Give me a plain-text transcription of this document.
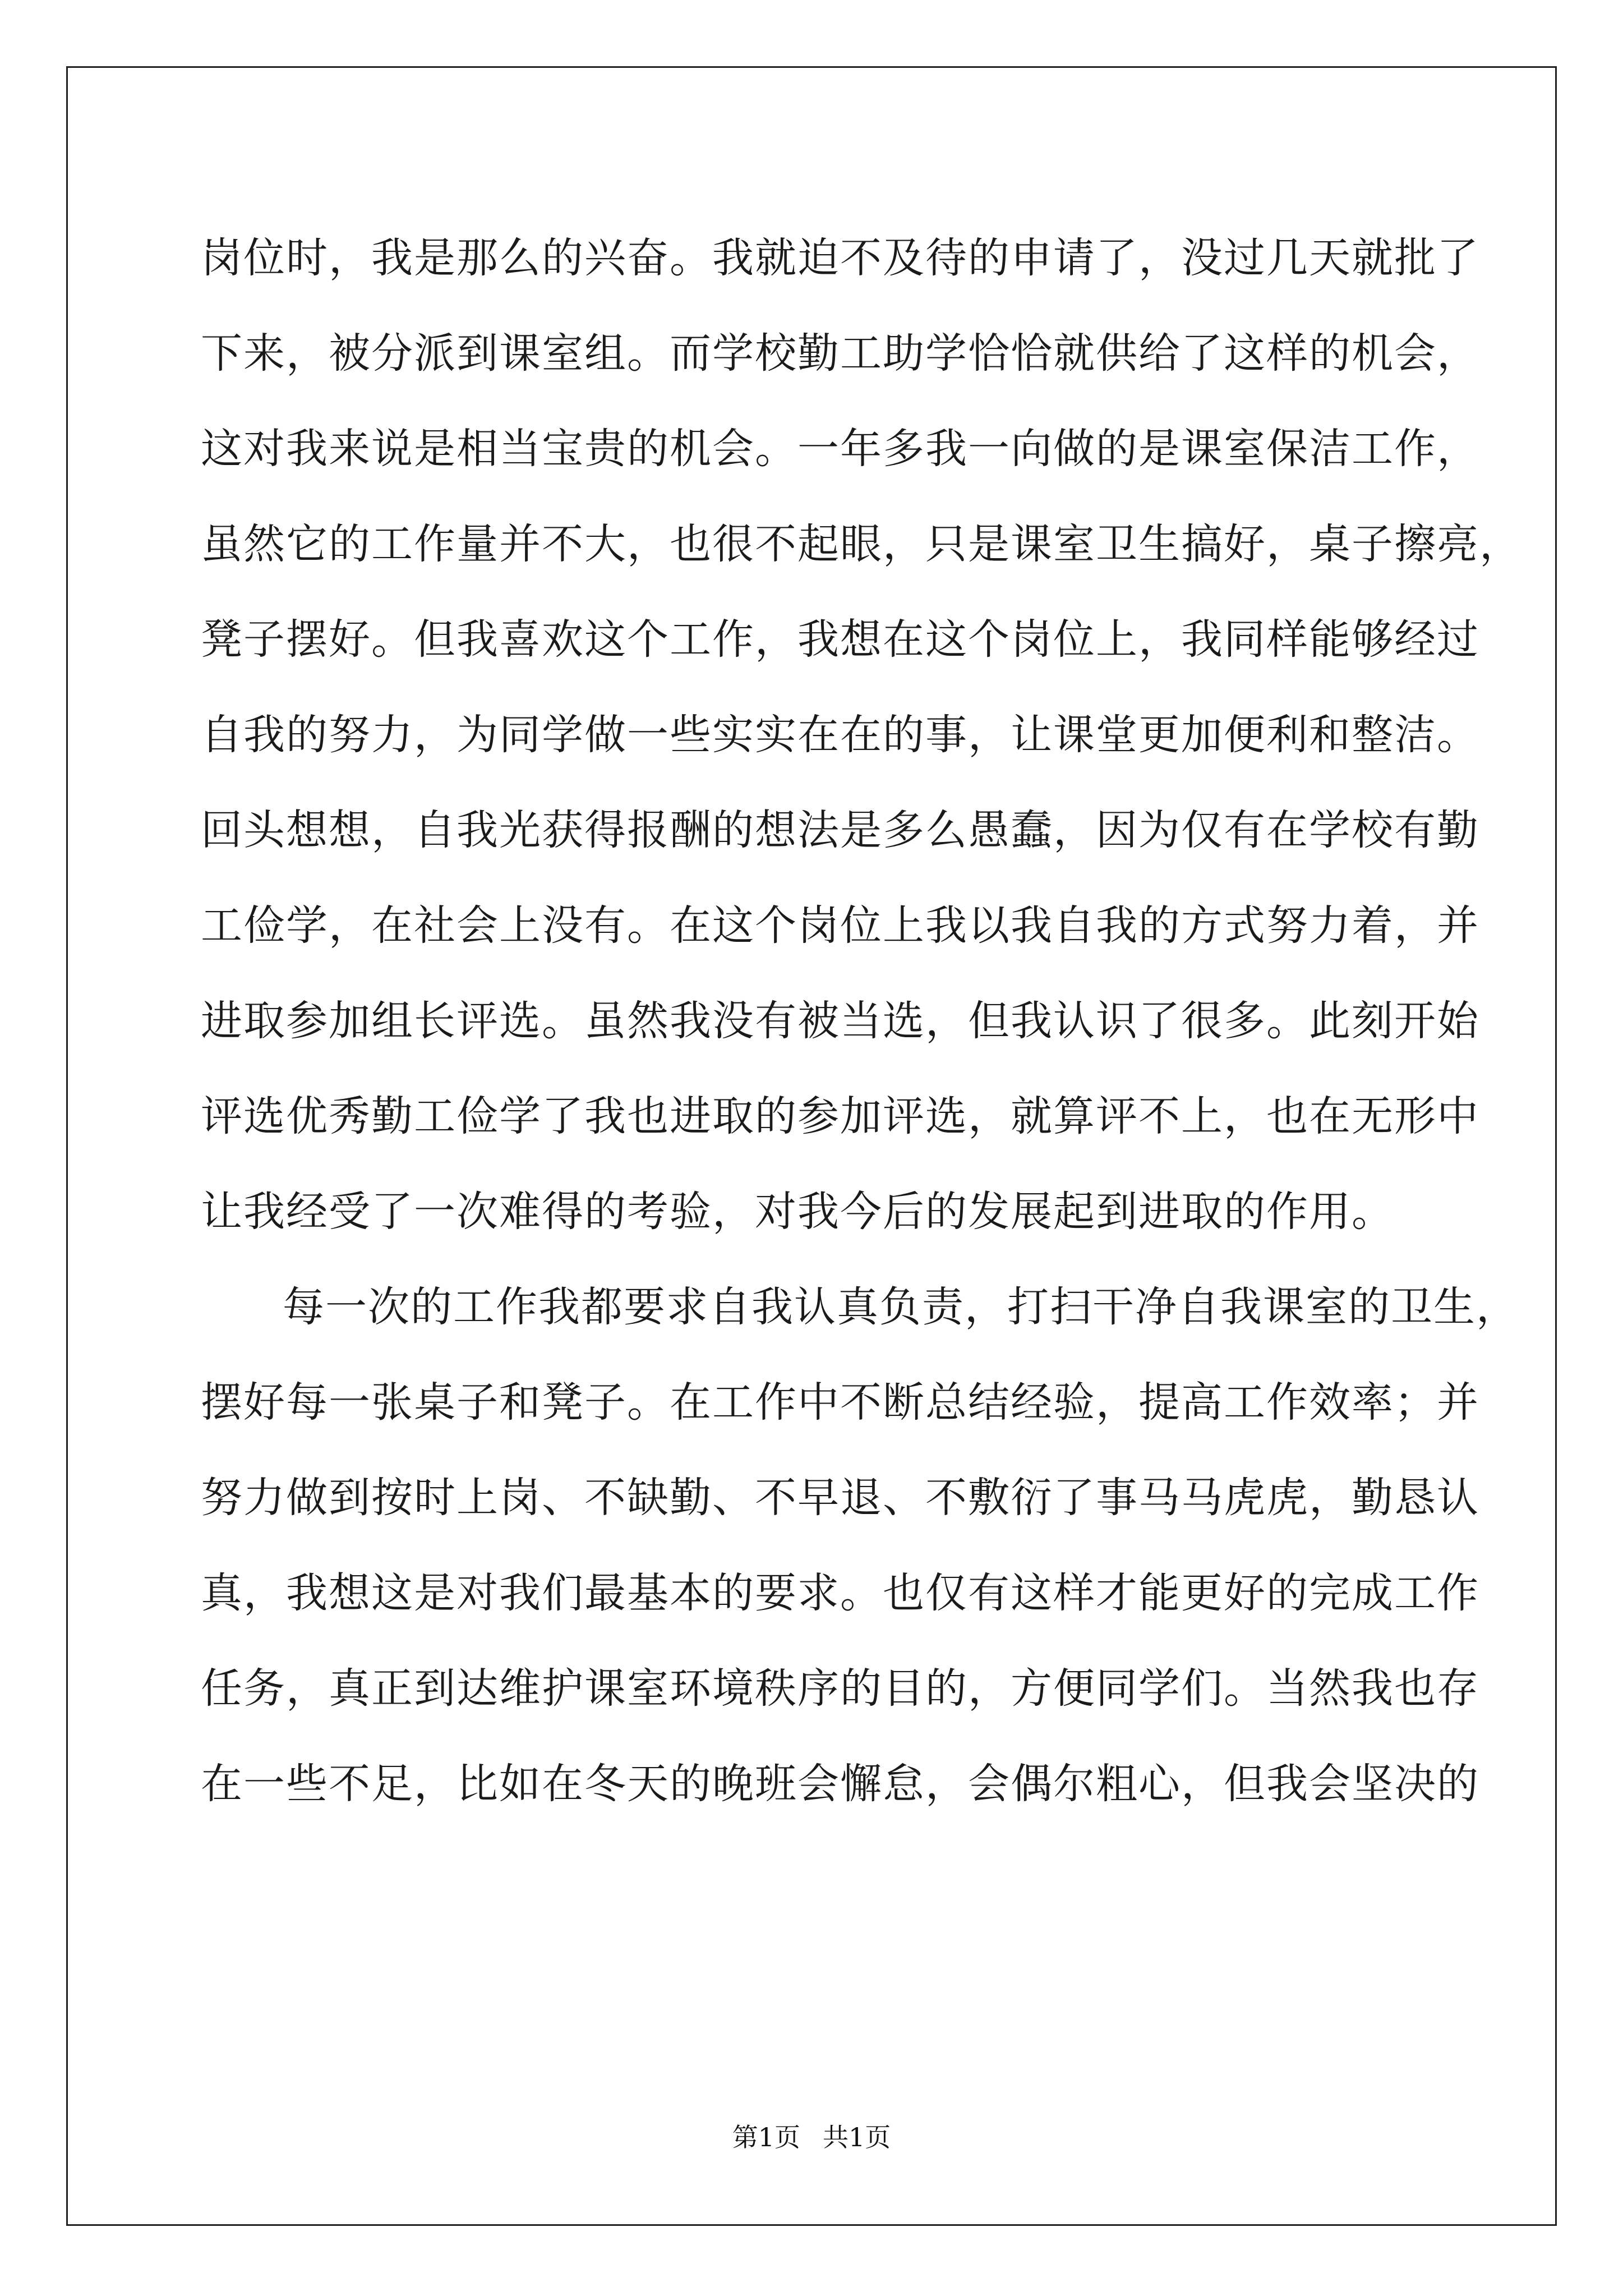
岗位时，我是那么的兴奋。我就迫不及待的申请了，没过几天就批了
下来，被分派到课室组。而学校勤工助学恰恰就供给了这样的机会，
这对我来说是相当宝贵的机会。一年多我一向做的是课室保洁工作，
虽然它的工作量并不大，也很不起眼，只是课室卫生搞好，桌子擦亮，
凳子摆好。但我喜欢这个工作，我想在这个岗位上，我同样能够经过
自我的努力，为同学做一些实实在在的事，让课堂更加便利和整洁。
回头想想，自我光获得报酬的想法是多么愚蠢，因为仅有在学校有勤
工俭学，在社会上没有。在这个岗位上我以我自我的方式努力着，并
进取参加组长评选。虽然我没有被当选，但我认识了很多。此刻开始
评选优秀勤工俭学了我也进取的参加评选，就算评不上，也在无形中
让我经受了一次难得的考验，对我今后的发展起到进取的作用。
每一次的工作我都要求自我认真负责，打扫干净自我课室的卫生，
摆好每一张桌子和凳子。在工作中不断总结经验，提高工作效率；并
努力做到按时上岗、不缺勤、不早退、不敷衍了事马马虎虎，勤恳认
真，我想这是对我们最基本的要求。也仅有这样才能更好的完成工作
任务，真正到达维护课室环境秩序的目的，方便同学们。当然我也存
在一些不足，比如在冬天的晚班会懈怠，会偶尔粗心，但我会坚决的
第1页 共1页
